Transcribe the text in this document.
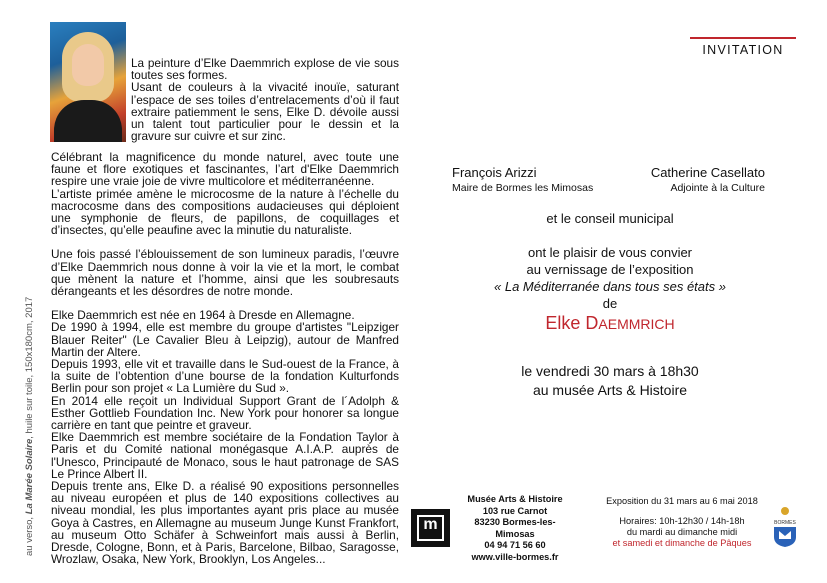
La peinture d’Elke Daemmrich explose de vie sous toutes ses formes.

Usant de couleurs à la vivacité inouïe, saturant l’espace de ses toiles d’entrelacements d’où il faut extraire patiemment le sens, Elke D. dévoile aussi un talent tout particulier pour le dessin et la gravure sur cuivre et sur zinc.

Célébrant la magnificence du monde naturel, avec toute une faune et flore exotiques et fascinantes, l’art d'Elke Daemmrich respire une vraie joie de vivre multicolore et méditerranéenne.

L’artiste primée amène le microcosme de la nature à l’échelle du macrocosme dans des compositions audacieuses qui déploient une symphonie de fleurs, de papillons, de coquillages et d’insectes, qu’elle peaufine avec la minutie du naturaliste.

Une fois passé l’éblouissement de son lumineux paradis, l’œuvre d’Elke Daemmrich nous donne à voir la vie et la mort, le combat que mènent la nature et l’homme, ainsi que les soubresauts dérangeants et les désordres de notre monde.

Elke Daemmrich est née en 1964 à Dresde en Allemagne.

De 1990 à 1994, elle est membre du groupe d'artistes "Leipziger Blauer Reiter" (Le Cavalier Bleu à Leipzig), autour de Manfred Martin der Altere.

Depuis 1993, elle vit et travaille dans le Sud-ouest de la France, à la suite de l’obtention d’une bourse de la fondation Kulturfonds Berlin pour son projet « La Lumière du Sud ».

En 2014 elle reçoit un Individual Support Grant de l´Adolph & Esther Gottlieb Foundation Inc. New York pour honorer sa longue carrière en tant que peintre et graveur.

Elke Daemmrich est membre sociétaire de la Fondation Taylor à Paris et du Comité national monégasque A.I.A.P. auprès de l'Unesco, Principauté de Monaco, sous le haut patronage de SAS Le Prince Albert II.

Depuis trente ans, Elke D. a réalisé 90 expositions personnelles au niveau européen et plus de 140 expositions collectives au niveau mondial, les plus importantes ayant pris place au musée Goya à Castres, en Allemagne au museum Junge Kunst Frankfort, au museum Otto Schäfer à Schweinfort mais aussi à Berlin, Dresde, Cologne, Bonn, et à Paris, Barcelone, Bilbao, Saragosse, Wrozlaw, Osaka, New York, Brooklyn, Los Angeles...

au verso, La Marée Solaire, huile sur toile, 150x180cm, 2017
INVITATION
François Arizzi
Maire de Bormes les Mimosas
Catherine Casellato
Adjointe à la Culture
et le conseil municipal
ont le plaisir de vous convier
au vernissage de l’exposition
« La Méditerranée dans tous ses états »
de
Elke DAEMMRICH
le vendredi 30 mars à 18h30
au musée Arts & Histoire
m
Musée Arts & Histoire
103 rue Carnot
83230 Bormes-les-Mimosas
04 94 71 56 60
www.ville-bormes.fr
Exposition du 31 mars au 6 mai 2018
Horaires: 10h-12h30 / 14h-18h
du mardi au dimanche midi
et samedi et dimanche de Pâques
BORMES
